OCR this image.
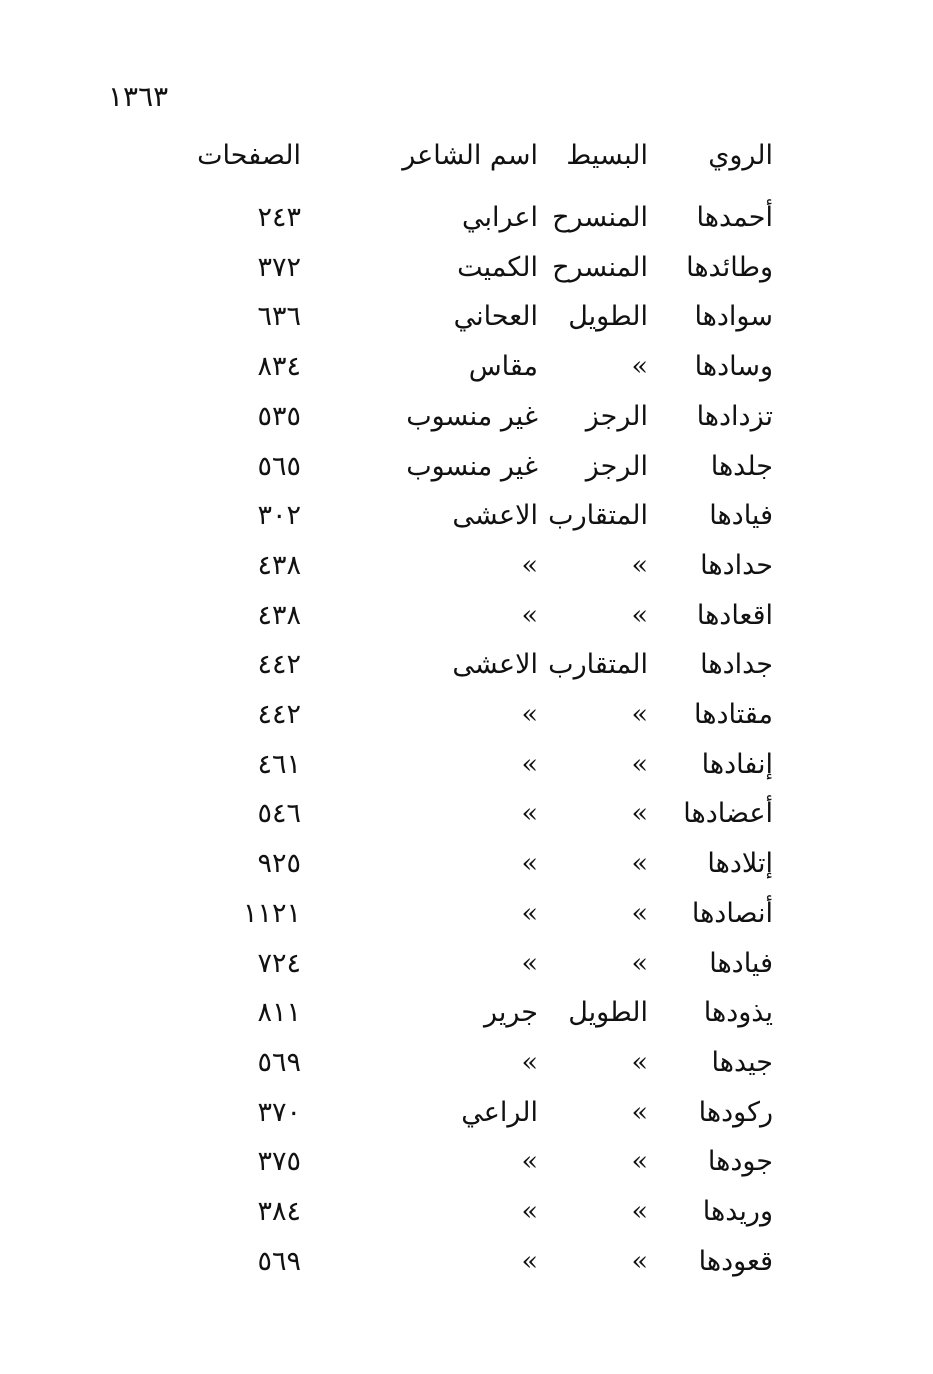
١٣٦٣
الروي
البسيط
اسم الشاعر
الصفحات
أحمدها
المنسرح
اعرابي
٢٤٣
وطائدها
المنسرح
الكميت
٣٧٢
سوادها
الطويل
العحاني
٦٣٦
وسادها
»
مقاس
٨٣٤
تزدادها
الرجز
غير منسوب
٥٣٥
جلدها
الرجز
غير منسوب
٥٦٥
فيادها
المتقارب
الاعشى
٣٠٢
حدادها
»
»
٤٣٨
اقعادها
»
»
٤٣٨
جدادها
المتقارب
الاعشى
٤٤٢
مقتادها
»
»
٤٤٢
إنفادها
»
»
٤٦١
أعضادها
»
»
٥٤٦
إتلادها
»
»
٩٢٥
أنصادها
»
»
١١٢١
فيادها
»
»
٧٢٤
يذودها
الطويل
جرير
٨١١
جيدها
»
»
٥٦٩
ركودها
»
الراعي
٣٧٠
جودها
»
»
٣٧٥
وريدها
»
»
٣٨٤
قعودها
»
»
٥٦٩
